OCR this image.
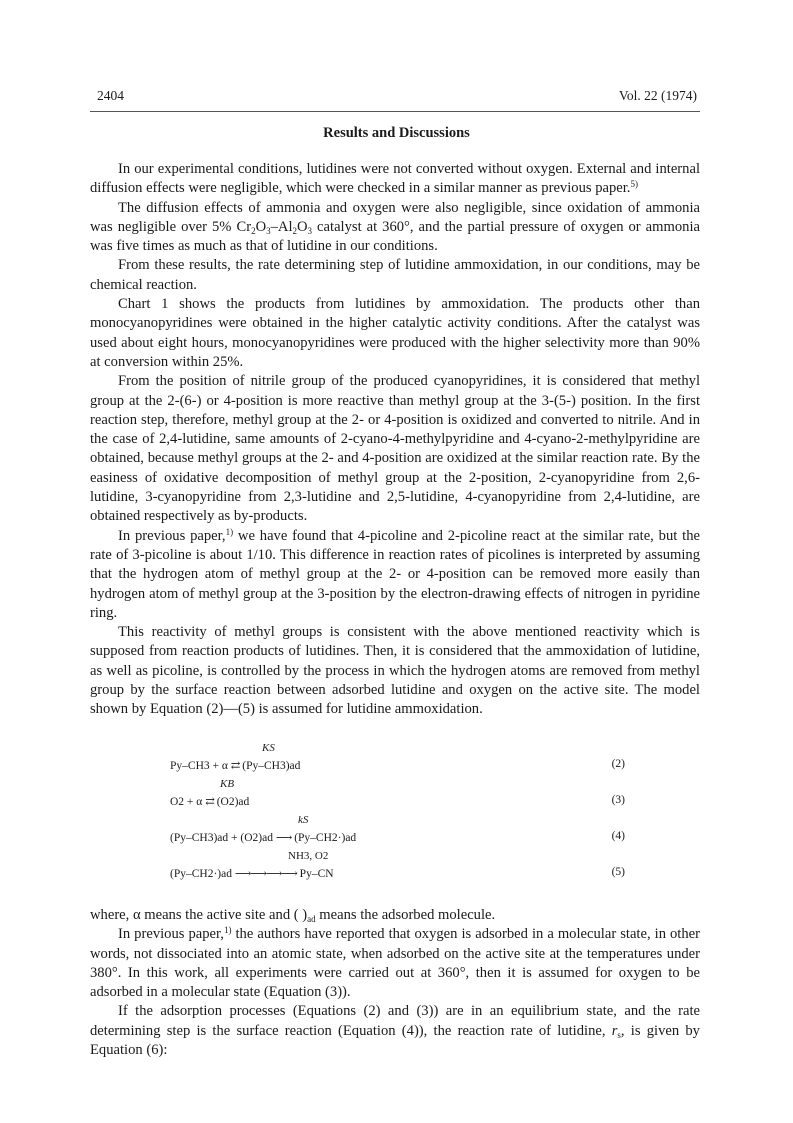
2404	Vol. 22 (1974)
Results and Discussions

In our experimental conditions, lutidines were not converted without oxygen. External and internal diffusion effects were negligible, which were checked in a similar manner as previous paper.$^{5)}$

The diffusion effects of ammonia and oxygen were also negligible, since oxidation of ammonia was negligible over 5% $Cr_2O_3-Al_2O_3$ catalyst at 360°, and the partial pressure of oxygen or ammonia was five times as much as that of lutidine in our conditions.

From these results, the rate determining step of lutidine ammoxidation, in our conditions, may be chemical reaction.

Chart 1 shows the products from lutidines by ammoxidation. The products other than monocyanopyridines were obtained in the higher catalytic activity conditions. After the catalyst was used about eight hours, monocyanopyridines were produced with the higher selectivity more than 90% at conversion within 25%.

From the position of nitrile group of the produced cyanopyridines, it is considered that methyl group at the 2-(6-) or 4-position is more reactive than methyl group at the 3-(5-) position. In the first reaction step, therefore, methyl group at the 2- or 4-position is oxidized and converted to nitrile. And in the case of 2,4-lutidine, same amounts of 2-cyano-4-methylpyridine and 4-cyano-2-methylpyridine are obtained, because methyl groups at the 2- and 4-position are oxidized at the similar reaction rate. By the easiness of oxidative decomposition of methyl group at the 2-position, 2-cyanopyridine from 2,6-lutidine, 3-cyanopyridine from 2,3-lutidine and 2,5-lutidine, 4-cyanopyridine from 2,4-lutidine, are obtained respectively as by-products.

In previous paper,$^{1)}$ we have found that 4-picoline and 2-picoline react at the similar rate, but the rate of 3-picoline is about 1/10. This difference in reaction rates of picolines is interpreted by assuming that the hydrogen atom of methyl group at the 2- or 4-position can be removed more easily than hydrogen atom of methyl group at the 3-position by the electron-drawing effects of nitrogen in pyridine ring.

This reactivity of methyl groups is consistent with the above mentioned reactivity which is supposed from reaction products of lutidines. Then, it is considered that the ammoxidation of lutidine, as well as picoline, is controlled by the process in which the hydrogen atoms are removed from methyl group by the surface reaction between adsorbed lutidine and oxygen on the active site. The model shown by Equation (2)—(5) is assumed for lutidine ammoxidation.

KS
Py–CH3 + α ⇄ (Py–CH3)ad	(2)
KB
O2 + α ⇄ (O2)ad	(3)
kS
(Py–CH3)ad + (O2)ad ⟶ (Py–CH2·)ad	(4)
NH3, O2
(Py–CH2·)ad ⟶⟶⟶⟶ Py–CN	(5)

where, α means the active site and ( )$_{ad}$ means the adsorbed molecule.

In previous paper,$^{1)}$ the authors have reported that oxygen is adsorbed in a molecular state, in other words, not dissociated into an atomic state, when adsorbed on the active site at the temperatures under 380°. In this work, all experiments were carried out at 360°, then it is assumed for oxygen to be adsorbed in a molecular state (Equation (3)).

If the adsorption processes (Equations (2) and (3)) are in an equilibrium state, and the rate determining step is the surface reaction (Equation (4)), the reaction rate of lutidine, $r_s$, is given by Equation (6):
